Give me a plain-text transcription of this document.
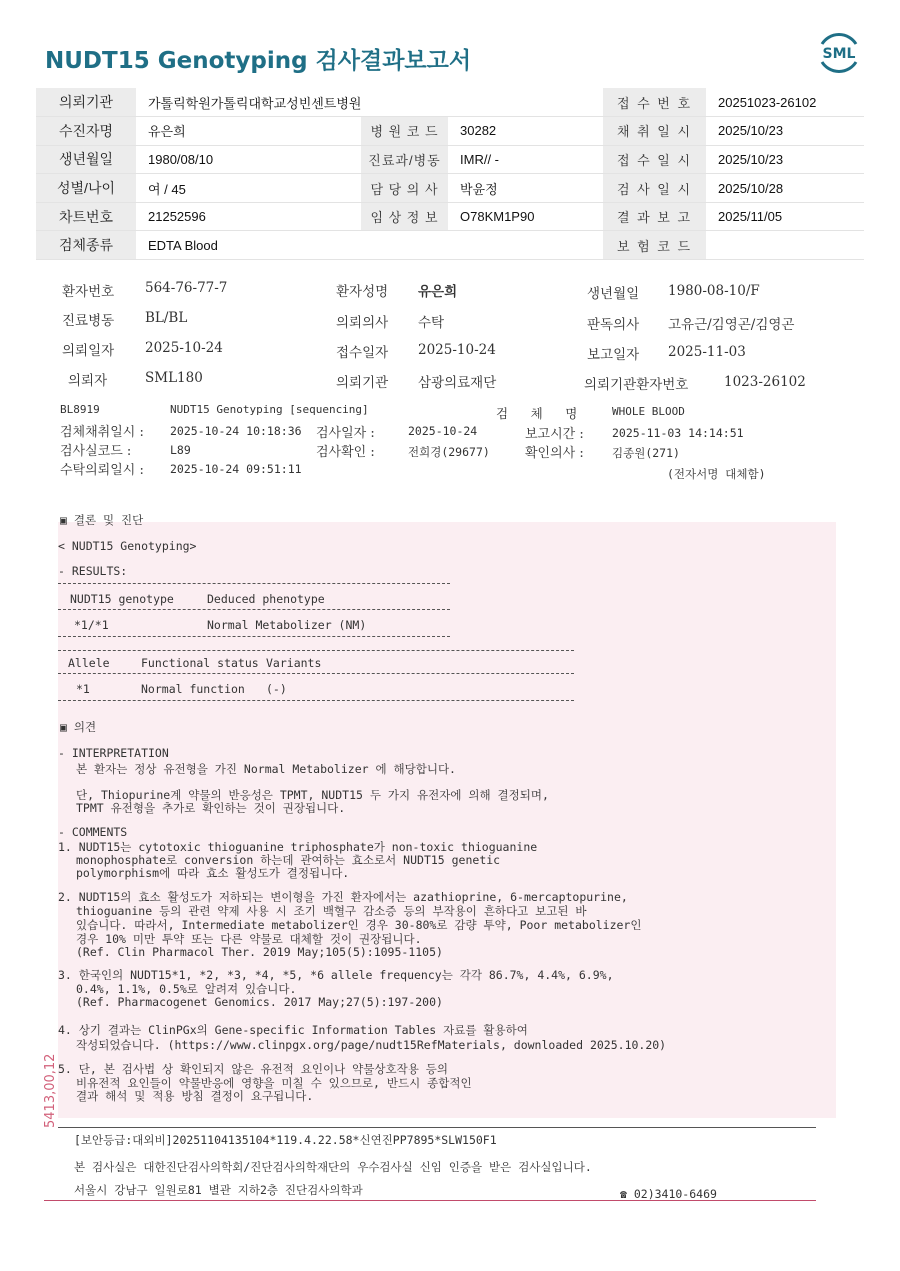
NUDT15 Genotyping 검사결과보고서	SML
의뢰기관	가톨릭학원가톨릭대학교성빈센트병원			접 수 번 호	20251023-26102
수진자명	유은희	병 원 코 드	30282	채 취 일 시	2025/10/23
생년월일	1980/08/10	진료과/병동	IMR// -	접 수 일 시	2025/10/23
성별/나이	여 / 45	담 당 의 사	박윤정	검 사 일 시	2025/10/28
차트번호	21252596	임 상 정 보	O78KM1P90	결 과 보 고	2025/11/05
검체종류	EDTA Blood			보 험 코 드	
환자번호 564-76-77-7	환자성명 유은희	생년월일 1980-08-10/F
진료병동 BL/BL	의뢰의사 수탁	판독의사 고유근/김영곤/김영곤
의뢰일자 2025-10-24	접수일자 2025-10-24	보고일자 2025-11-03
의뢰자	SML180	의뢰기관 삼광의료재단	의뢰기관환자번호	1023-26102
BL8919	NUDT15 Genotyping [sequencing]	검   체   명	WHOLE BLOOD
검체채취일시 : 2025-10-24 10:18:36 검사일자 :	2025-10-24	보고시간 : 2025-11-03 14:14:51
검사실코드 :	L89	검사확인 :	전희경(29677)	확인의사 : 김종원(271)
수탁의뢰일시 : 2025-10-24 09:51:11	(전자서명 대체함)
▣ 결론 및 진단
< NUDT15 Genotyping>
- RESULTS:
NUDT15 genotype	Deduced phenotype
*1/*1	Normal Metabolizer (NM)
Allele	Functional status Variants
*1	Normal function (-)
▣ 의견
- INTERPRETATION
본 환자는 정상 유전형을 가진 Normal Metabolizer 에 해당합니다.
단, Thiopurine계 약물의 반응성은 TPMT, NUDT15 두 가지 유전자에 의해 결정되며,
TPMT 유전형을 추가로 확인하는 것이 권장됩니다.
- COMMENTS
1. NUDT15는 cytotoxic thioguanine triphosphate가 non-toxic thioguanine
monophosphate로 conversion 하는데 관여하는 효소로서 NUDT15 genetic
polymorphism에 따라 효소 활성도가 결정됩니다.
2. NUDT15의 효소 활성도가 저하되는 변이형을 가진 환자에서는 azathioprine, 6-mercaptopurine,
thioguanine 등의 관련 약제 사용 시 조기 백혈구 감소증 등의 부작용이 흔하다고 보고된 바
있습니다. 따라서, Intermediate metabolizer인 경우 30-80%로 감량 투약, Poor metabolizer인
경우 10% 미만 투약 또는 다른 약물로 대체할 것이 권장됩니다.
(Ref. Clin Pharmacol Ther. 2019 May;105(5):1095-1105)
3. 한국인의 NUDT15*1, *2, *3, *4, *5, *6 allele frequency는 각각 86.7%, 4.4%, 6.9%,
0.4%, 1.1%, 0.5%로 알려져 있습니다.
(Ref. Pharmacogenet Genomics. 2017 May;27(5):197-200)
4. 상기 결과는 ClinPGx의 Gene-specific Information Tables 자료를 활용하여
작성되었습니다. (https://www.clinpgx.org/page/nudt15RefMaterials, downloaded 2025.10.20)
5. 단, 본 검사법 상 확인되지 않은 유전적 요인이나 약물상호작용 등의
비유전적 요인들이 약물반응에 영향을 미칠 수 있으므로, 반드시 종합적인
결과 해석 및 적용 방침 결정이 요구됩니다.
5413,00,12
[보안등급:대외비]20251104135104*119.4.22.58*신연진PP7895*SLW150F1
본 검사실은 대한진단검사의학회/진단검사의학재단의 우수검사실 신임 인증을 받은 검사실입니다.
서울시 강남구 일원로81 별관 지하2층 진단검사의학과	☎ 02)3410-6469
